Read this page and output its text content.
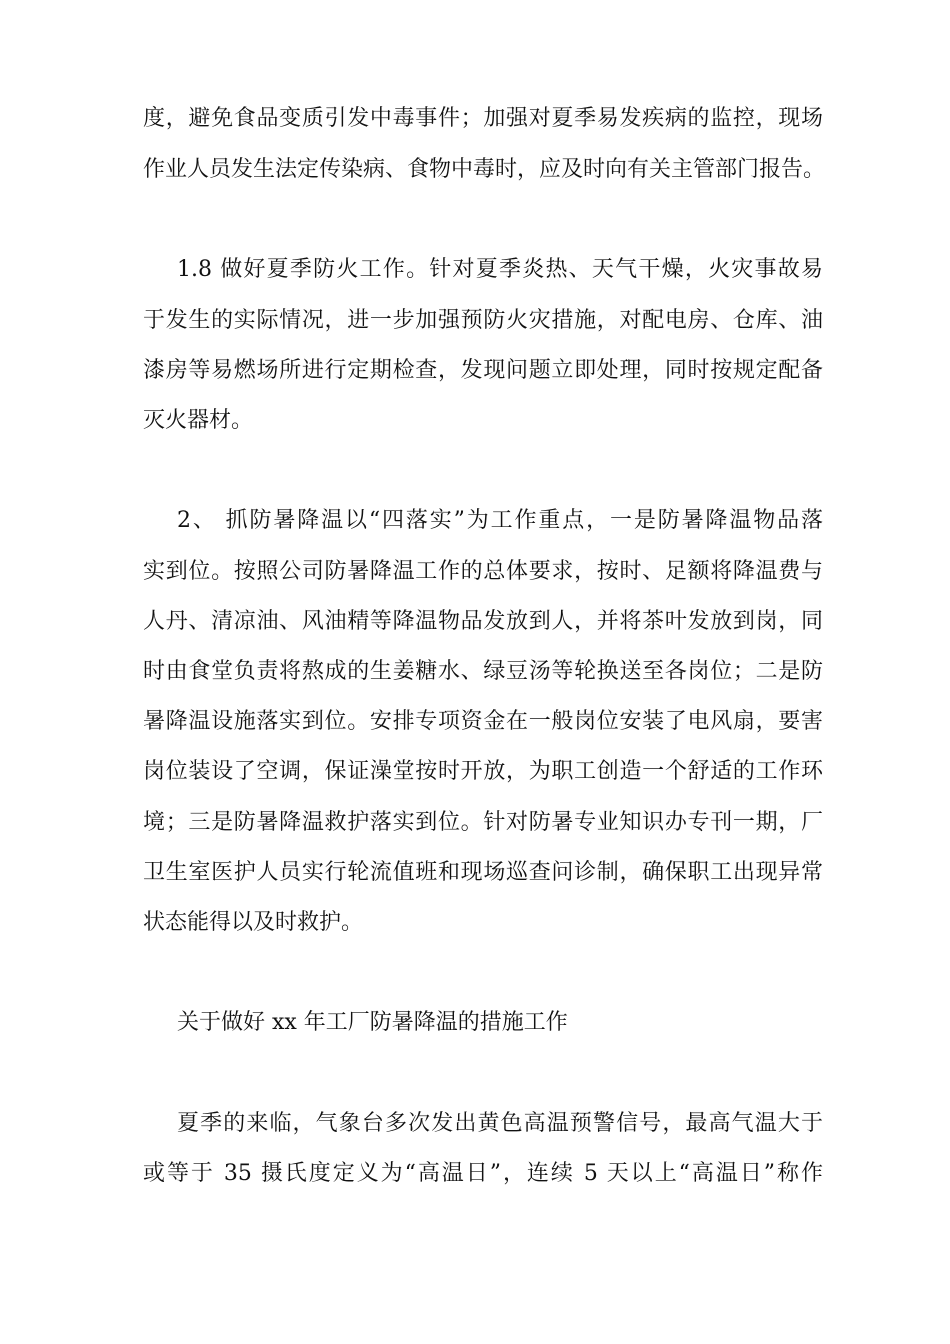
度，避免食品变质引发中毒事件；加强对夏季易发疾病的监控，现场
作业人员发生法定传染病、食物中毒时，应及时向有关主管部门报告。
1.8 做好夏季防火工作。针对夏季炎热、天气干燥，火灾事故易
于发生的实际情况，进一步加强预防火灾措施，对配电房、仓库、油
漆房等易燃场所进行定期检查，发现问题立即处理，同时按规定配备
灭火器材。
2、 抓防暑降温以“四落实”为工作重点，一是防暑降温物品落
实到位。按照公司防暑降温工作的总体要求，按时、足额将降温费与
人丹、清凉油、风油精等降温物品发放到人，并将茶叶发放到岗，同
时由食堂负责将熬成的生姜糖水、绿豆汤等轮换送至各岗位；二是防
暑降温设施落实到位。安排专项资金在一般岗位安装了电风扇，要害
岗位装设了空调，保证澡堂按时开放，为职工创造一个舒适的工作环
境；三是防暑降温救护落实到位。针对防暑专业知识办专刊一期，厂
卫生室医护人员实行轮流值班和现场巡查问诊制，确保职工出现异常
状态能得以及时救护。
关于做好 xx 年工厂防暑降温的措施工作
夏季的来临，气象台多次发出黄色高温预警信号，最高气温大于
或等于 35 摄氏度定义为“高温日”，连续 5 天以上“高温日”称作
